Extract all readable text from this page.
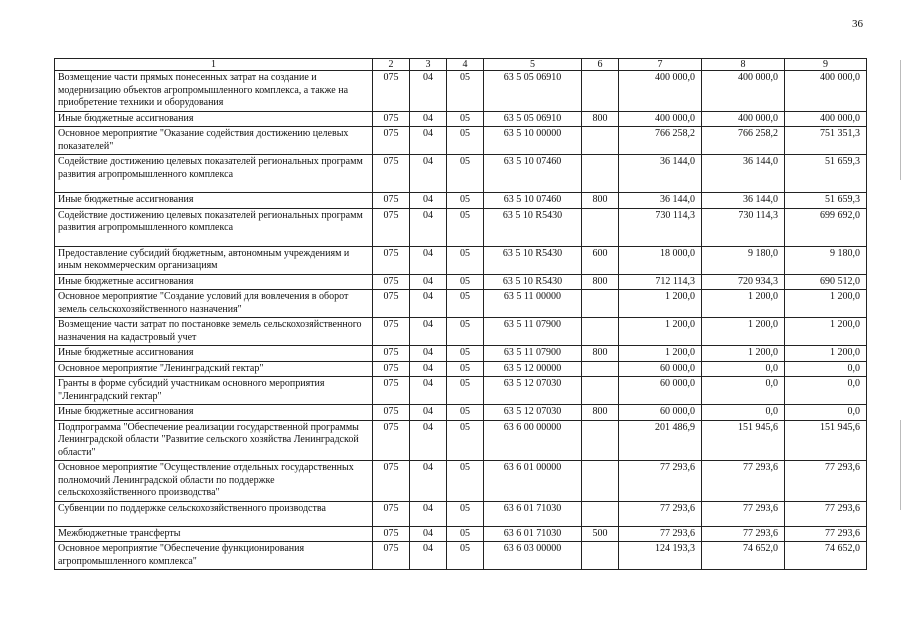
36
1	2	3	4	5	6	7	8	9
Возмещение части прямых понесенных затрат на создание и модернизацию объектов агропромышленного комплекса, а также на приобретение техники и оборудования	075	04	05	63 5 05 06910		400 000,0	400 000,0	400 000,0
Иные бюджетные ассигнования	075	04	05	63 5 05 06910	800	400 000,0	400 000,0	400 000,0
Основное мероприятие "Оказание содействия достижению целевых показателей"	075	04	05	63 5 10 00000		766 258,2	766 258,2	751 351,3
Содействие достижению целевых показателей региональных программ развития агропромышленного комплекса	075	04	05	63 5 10 07460		36 144,0	36 144,0	51 659,3
Иные бюджетные ассигнования	075	04	05	63 5 10 07460	800	36 144,0	36 144,0	51 659,3
Содействие достижению целевых показателей региональных программ развития агропромышленного комплекса	075	04	05	63 5 10 R5430		730 114,3	730 114,3	699 692,0
Предоставление субсидий бюджетным, автономным учреждениям и иным некоммерческим организациям	075	04	05	63 5 10 R5430	600	18 000,0	9 180,0	9 180,0
Иные бюджетные ассигнования	075	04	05	63 5 10 R5430	800	712 114,3	720 934,3	690 512,0
Основное мероприятие "Создание условий для вовлечения в оборот земель сельскохозяйственного назначения"	075	04	05	63 5 11 00000		1 200,0	1 200,0	1 200,0
Возмещение части затрат по постановке земель сельскохозяйственного назначения на кадастровый учет	075	04	05	63 5 11 07900		1 200,0	1 200,0	1 200,0
Иные бюджетные ассигнования	075	04	05	63 5 11 07900	800	1 200,0	1 200,0	1 200,0
Основное мероприятие "Ленинградский гектар"	075	04	05	63 5 12 00000		60 000,0	0,0	0,0
Гранты в форме субсидий участникам основного мероприятия "Ленинградский гектар"	075	04	05	63 5 12 07030		60 000,0	0,0	0,0
Иные бюджетные ассигнования	075	04	05	63 5 12 07030	800	60 000,0	0,0	0,0
Подпрограмма "Обеспечение реализации государственной программы Ленинградской области "Развитие сельского хозяйства Ленинградской области"	075	04	05	63 6 00 00000		201 486,9	151 945,6	151 945,6
Основное мероприятие "Осуществление отдельных государственных полномочий Ленинградской области по поддержке сельскохозяйственного производства"	075	04	05	63 6 01 00000		77 293,6	77 293,6	77 293,6
Субвенции по поддержке сельскохозяйственного производства	075	04	05	63 6 01 71030		77 293,6	77 293,6	77 293,6
Межбюджетные трансферты	075	04	05	63 6 01 71030	500	77 293,6	77 293,6	77 293,6
Основное мероприятие "Обеспечение функционирования агропромышленного комплекса"	075	04	05	63 6 03 00000		124 193,3	74 652,0	74 652,0
